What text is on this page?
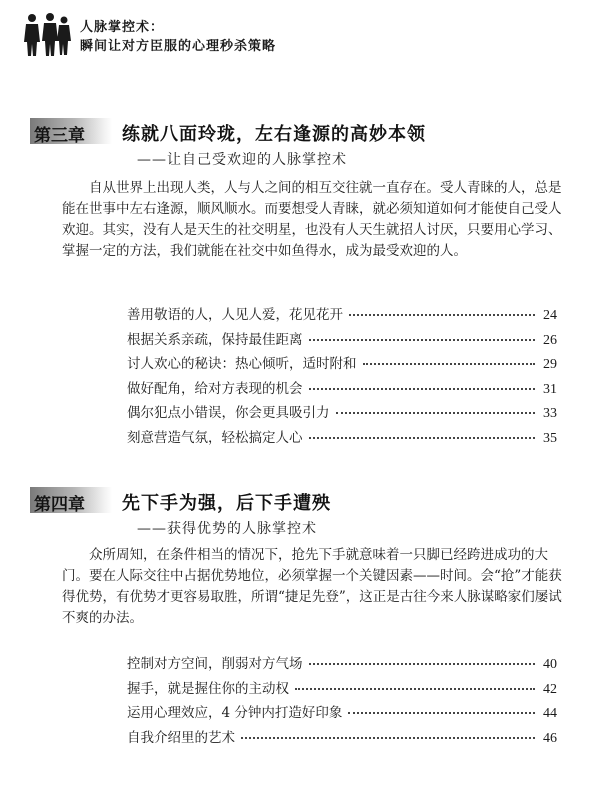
人脉掌控术：
瞬间让对方臣服的心理秒杀策略
第三章 练就八面玲珑，左右逢源的高妙本领
——让自己受欢迎的人脉掌控术

自从世界上出现人类，人与人之间的相互交往就一直存在。受人青睐的人，总是能在世事中左右逢源，顺风顺水。而要想受人青睐，就必须知道如何才能使自己受人欢迎。其实，没有人是天生的社交明星，也没有人天生就招人讨厌，只要用心学习、掌握一定的方法，我们就能在社交中如鱼得水，成为最受欢迎的人。

善用敬语的人，人见人爱，花见花开	24
根据关系亲疏，保持最佳距离	26
讨人欢心的秘诀：热心倾听，适时附和	29
做好配角，给对方表现的机会	31
偶尔犯点小错误，你会更具吸引力	33
刻意营造气氛，轻松搞定人心	35
第四章 先下手为强，后下手遭殃
——获得优势的人脉掌控术

众所周知，在条件相当的情况下，抢先下手就意味着一只脚已经跨进成功的大门。要在人际交往中占据优势地位，必须掌握一个关键因素——时间。会“抢”才能获得优势，有优势才更容易取胜，所谓“捷足先登”，这正是古往今来人脉谋略家们屡试不爽的办法。

控制对方空间，削弱对方气场	40
握手，就是握住你的主动权	42
运用心理效应，4 分钟内打造好印象	44
自我介绍里的艺术	46
